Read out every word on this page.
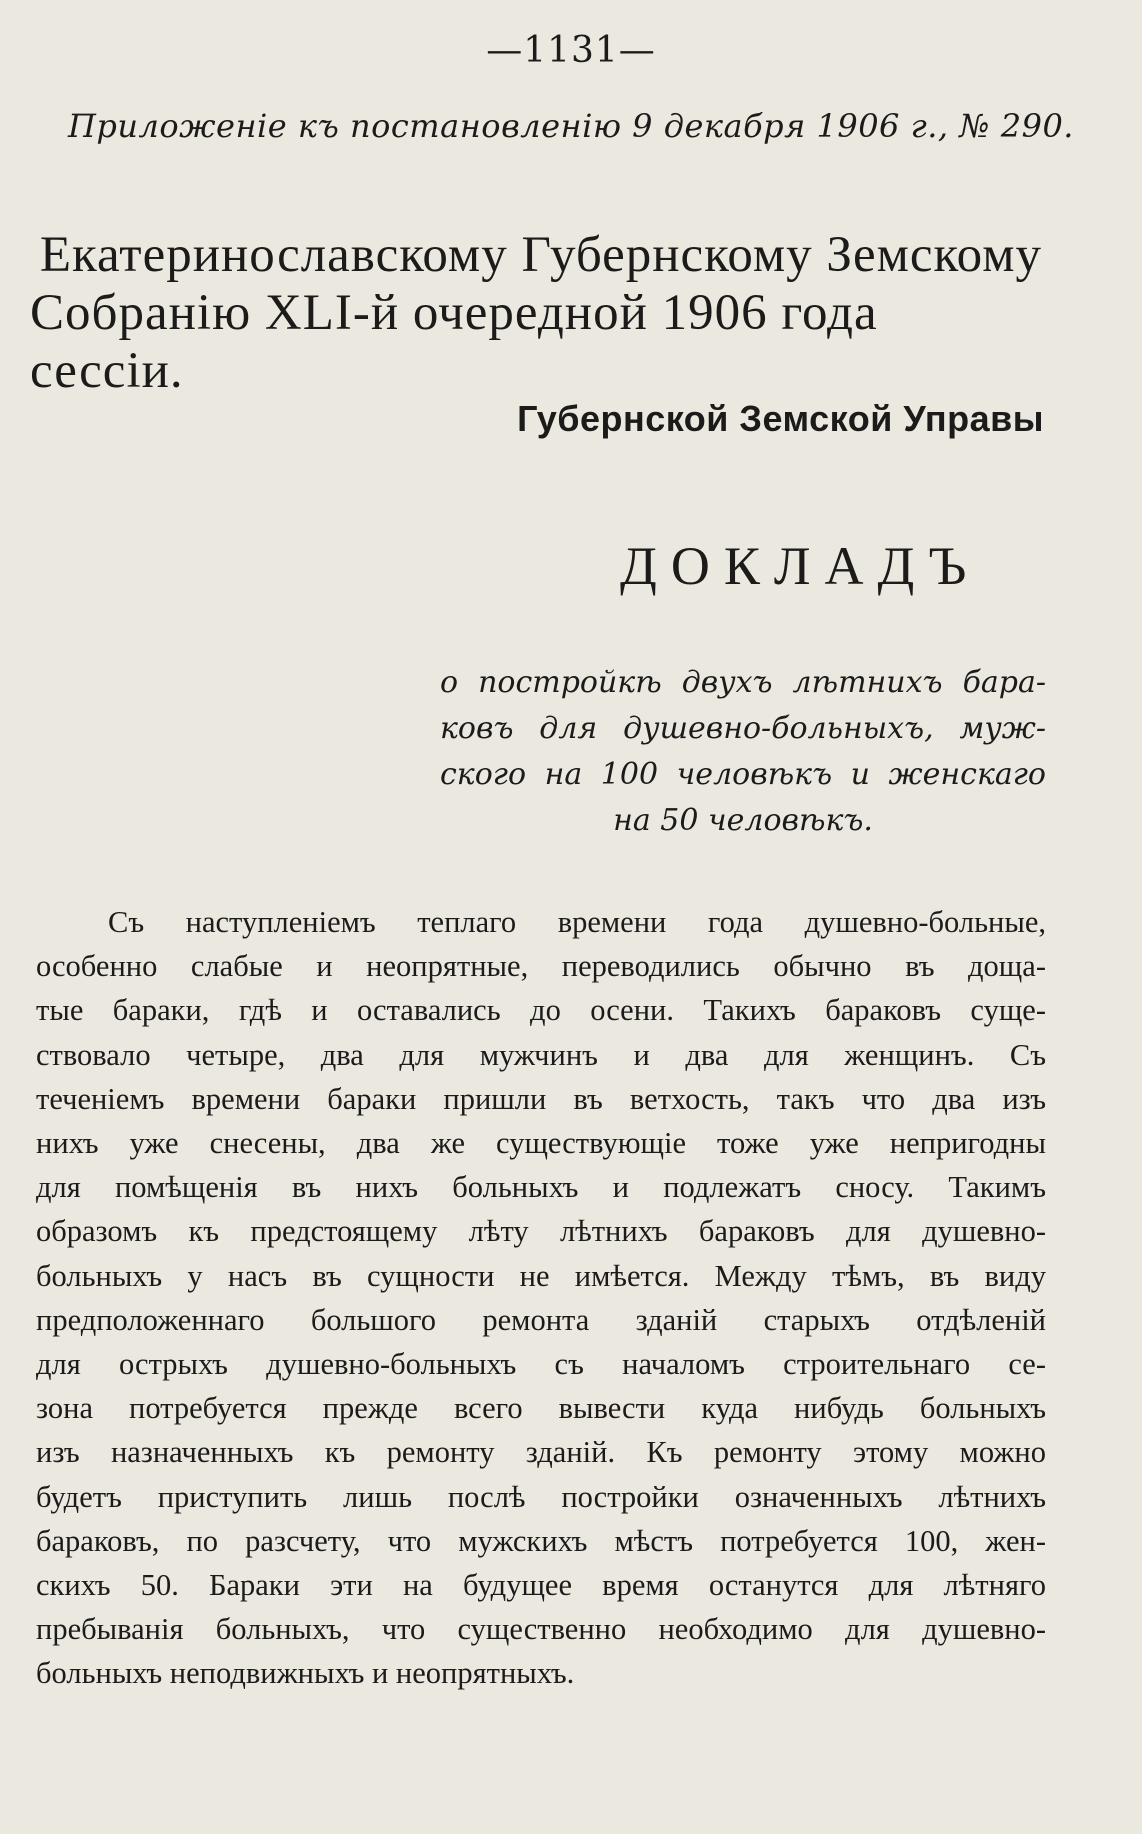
—1131—
Приложенiе къ постановленiю 9 декабря 1906 г., № 290.
Екатеринославскому Губернскому Земскому
Собранiю XLI-й очередной 1906 года сессiи.
Губернской Земской Управы
ДОКЛАДЪ
о постройкѣ двухъ лѣтнихъ бара-
ковъ для душевно-больныхъ, муж-
ского на 100 человѣкъ и женскаго
на 50 человѣкъ.
Съ наступленiемъ теплаго времени года душевно-больные,
особенно слабые и неопрятные, переводились обычно въ доща-
тые бараки, гдѣ и оставались до осени. Такихъ бараковъ суще-
ствовало четыре, два для мужчинъ и два для женщинъ. Съ
теченiемъ времени бараки пришли въ ветхость, такъ что два изъ
нихъ уже снесены, два же существующiе тоже уже непригодны
для помѣщенiя въ нихъ больныхъ и подлежатъ сносу. Такимъ
образомъ къ предстоящему лѣту лѣтнихъ бараковъ для душевно-
больныхъ у насъ въ сущности не имѣется. Между тѣмъ, въ виду
предположеннаго большого ремонта зданiй старыхъ отдѣленiй
для острыхъ душевно-больныхъ съ началомъ строительнаго се-
зона потребуется прежде всего вывести куда нибудь больныхъ
изъ назначенныхъ къ ремонту зданiй. Къ ремонту этому можно
будетъ приступить лишь послѣ постройки означенныхъ лѣтнихъ
бараковъ, по разсчету, что мужскихъ мѣстъ потребуется 100, жен-
скихъ 50. Бараки эти на будущее время останутся для лѣтняго
пребыванiя больныхъ, что существенно необходимо для душевно-
больныхъ неподвижныхъ и неопрятныхъ.
